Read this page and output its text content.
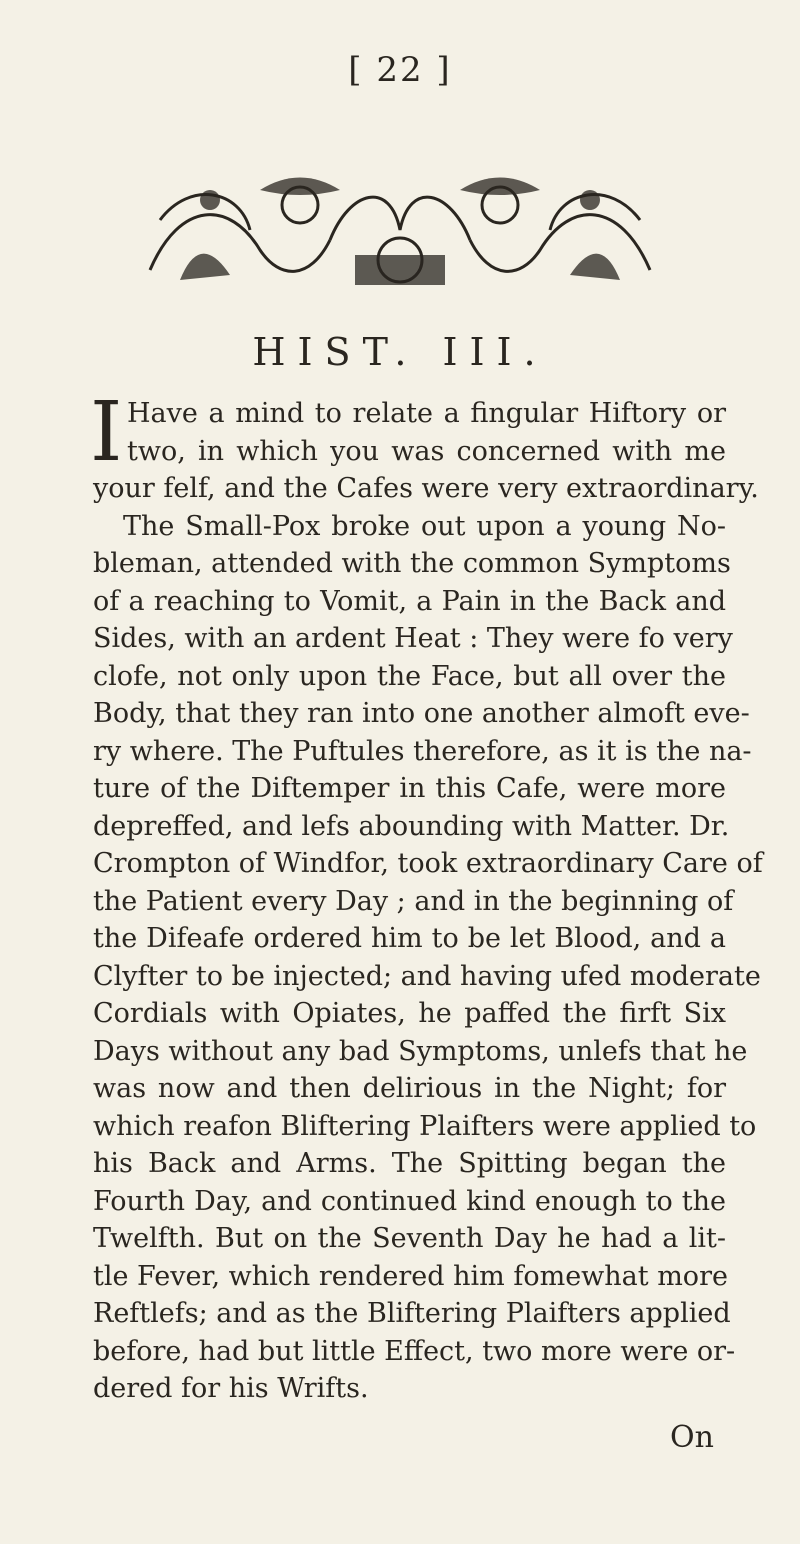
[ 22 ]
HIST. III.
I Have a mind to relate a fingular Hiftory or
two, in which you was concerned with me
your felf, and the Cafes were very extraordinary.
The Small-Pox broke out upon a young No-
bleman, attended with the common Symptoms
of a reaching to Vomit, a Pain in the Back and
Sides, with an ardent Heat : They were fo very
clofe, not only upon the Face, but all over the
Body, that they ran into one another almoft eve-
ry where. The Puftules therefore, as it is the na-
ture of the Diftemper in this Cafe, were more
depreffed, and lefs abounding with Matter. Dr.
Crompton of Windfor, took extraordinary Care of
the Patient every Day ; and in the beginning of
the Difeafe ordered him to be let Blood, and a
Clyfter to be injected; and having ufed moderate
Cordials with Opiates, he paffed the firft Six
Days without any bad Symptoms, unlefs that he
was now and then delirious in the Night; for
which reafon Bliftering Plaifters were applied to
his Back and Arms. The Spitting began the
Fourth Day, and continued kind enough to the
Twelfth. But on the Seventh Day he had a lit-
tle Fever, which rendered him fomewhat more
Reftlefs; and as the Bliftering Plaifters applied
before, had but little Effect, two more were or-
dered for his Wrifts.
On
